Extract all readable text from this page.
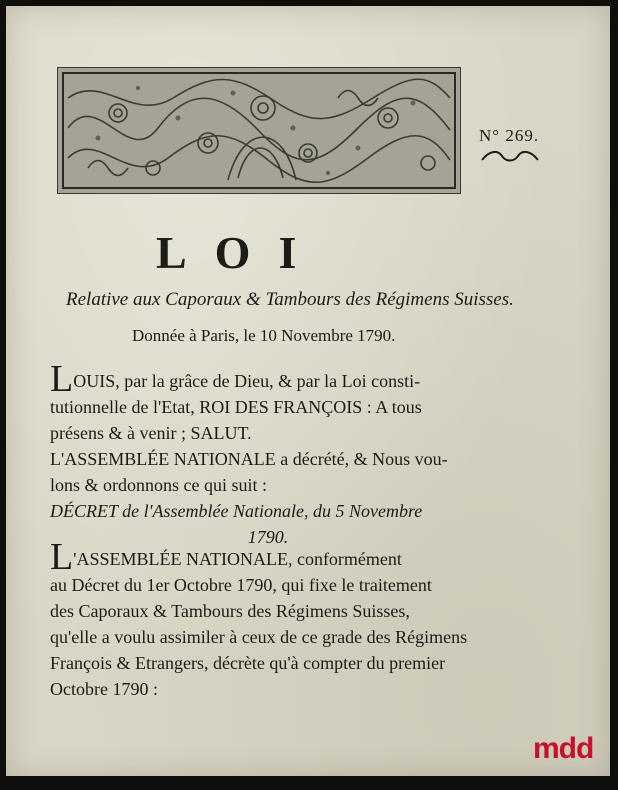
N° 269.
LOI
Relative aux Caporaux & Tambours des Régimens Suisses.
Donnée à Paris, le 10 Novembre 1790.
LOUIS, par la grâce de Dieu, & par la Loi consti-
tutionnelle de l'Etat, ROI DES FRANÇOIS : A tous
présens & à venir ; SALUT.
L'ASSEMBLÉE NATIONALE a décrété, & Nous vou-
lons & ordonnons ce qui suit :
DÉCRET de l'Assemblée Nationale, du 5 Novembre
1790.
L'ASSEMBLÉE NATIONALE, conformément
au Décret du 1er Octobre 1790, qui fixe le traitement
des Caporaux & Tambours des Régimens Suisses,
qu'elle a voulu assimiler à ceux de ce grade des Régimens
François & Etrangers, décrète qu'à compter du premier
Octobre 1790 :
mdd
la mémoire du droit
